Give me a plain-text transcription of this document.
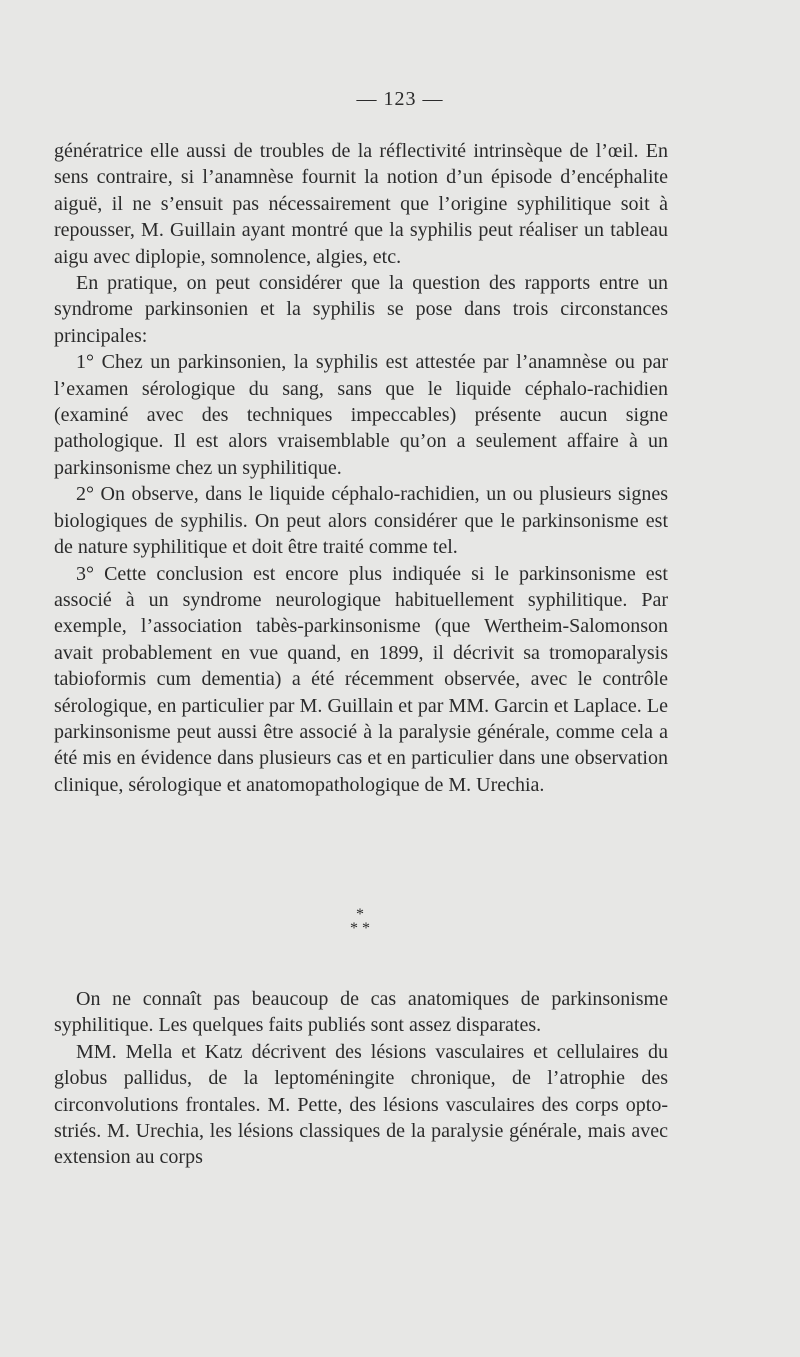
— 123 —

génératrice elle aussi de troubles de la réflectivité intrinsèque de l’œil. En sens contraire, si l’anamnèse fournit la notion d’un épisode d’encéphalite aiguë, il ne s’ensuit pas nécessairement que l’origine syphilitique soit à repousser, M. Guillain ayant montré que la syphilis peut réaliser un tableau aigu avec diplopie, somnolence, algies, etc.

En pratique, on peut considérer que la question des rapports entre un syndrome parkinsonien et la syphilis se pose dans trois circonstances principales:

1° Chez un parkinsonien, la syphilis est attestée par l’anamnèse ou par l’examen sérologique du sang, sans que le liquide céphalo-rachidien (examiné avec des techniques impeccables) présente aucun signe pathologique. Il est alors vraisemblable qu’on a seulement affaire à un parkinsonisme chez un syphilitique.

2° On observe, dans le liquide céphalo-rachidien, un ou plusieurs signes biologiques de syphilis. On peut alors considérer que le parkinsonisme est de nature syphilitique et doit être traité comme tel.

3° Cette conclusion est encore plus indiquée si le parkinsonisme est associé à un syndrome neurologique habituellement syphilitique. Par exemple, l’association tabès-parkinsonisme (que Wertheim-Salomonson avait probablement en vue quand, en 1899, il décrivit sa tromoparalysis tabioformis cum dementia) a été récemment observée, avec le contrôle sérologique, en particulier par M. Guillain et par MM. Garcin et Laplace. Le parkinsonisme peut aussi être associé à la paralysie générale, comme cela a été mis en évidence dans plusieurs cas et en particulier dans une observation clinique, sérologique et anatomopathologique de M. Urechia.

*
* *

On ne connaît pas beaucoup de cas anatomiques de parkinsonisme syphilitique. Les quelques faits publiés sont assez disparates.

MM. Mella et Katz décrivent des lésions vasculaires et cellulaires du globus pallidus, de la leptoméningite chronique, de l’atrophie des circonvolutions frontales. M. Pette, des lésions vasculaires des corps opto-striés. M. Urechia, les lésions classiques de la paralysie générale, mais avec extension au corps
